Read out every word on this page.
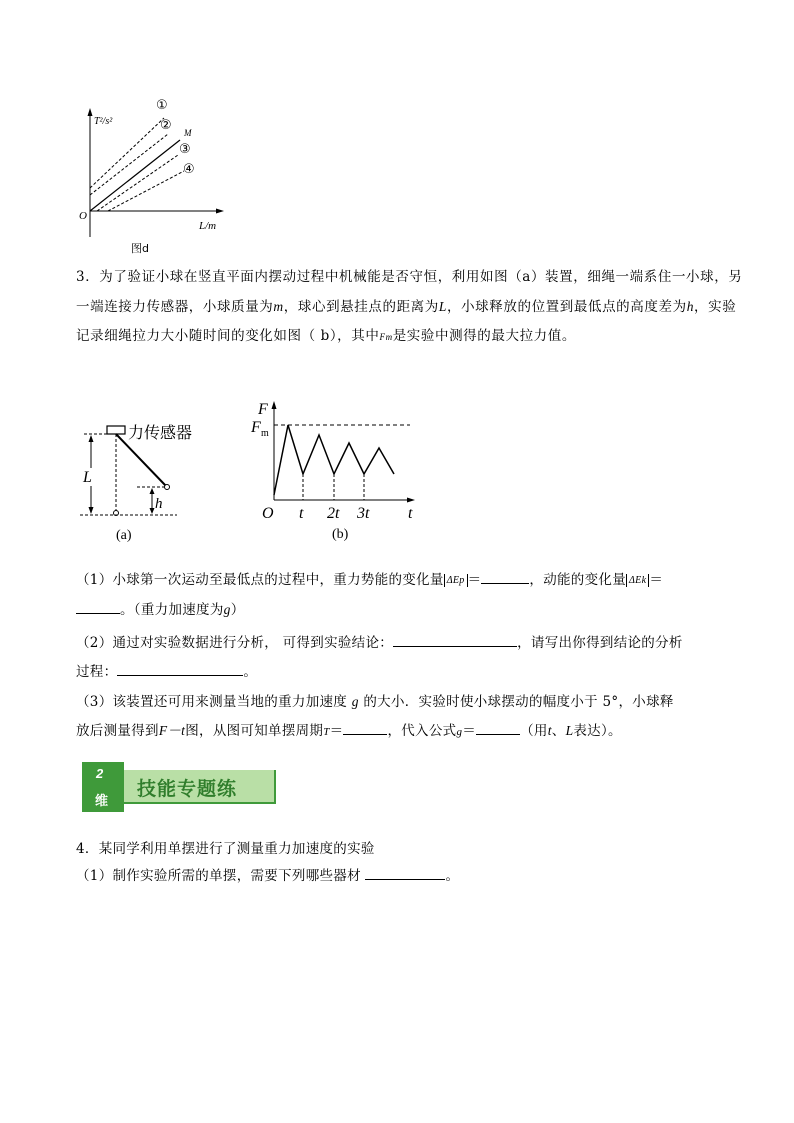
T²/s²
O
L/m
M
①
②
③
④
图d
3．为了验证小球在竖直平面内摆动过程中机械能是否守恒，利用如图（a）装置，细绳一端系住一小球，另一端连接力传感器，小球质量为m，球心到悬挂点的距离为L，小球释放的位置到最低点的高度差为h，实验记录细绳拉力大小随时间的变化如图（ b），其中Fm是实验中测得的最大拉力值。
L
h
(a)
力传感器
F
F m
O t 2t 3t t
(b)
（1）小球第一次运动至最低点的过程中，重力势能的变化量 ΔEp ＝	，动能的变化量 ΔEk ＝
。（重力加速度为g）
（2）通过对实验数据进行分析， 可得到实验结论：	，请写出你得到结论的分析
过程：	。
（3）该装置还可用来测量当地的重力加速度 g 的大小．实验时使小球摆动的幅度小于 5°，小球释
放后测量得到F－t图，从图可知单摆周期T＝	，代入公式g＝	（用t、L表达）。
2
维
技能专题练
4．某同学利用单摆进行了测量重力加速度的实验
（1）制作实验所需的单摆，需要下列哪些器材	。
